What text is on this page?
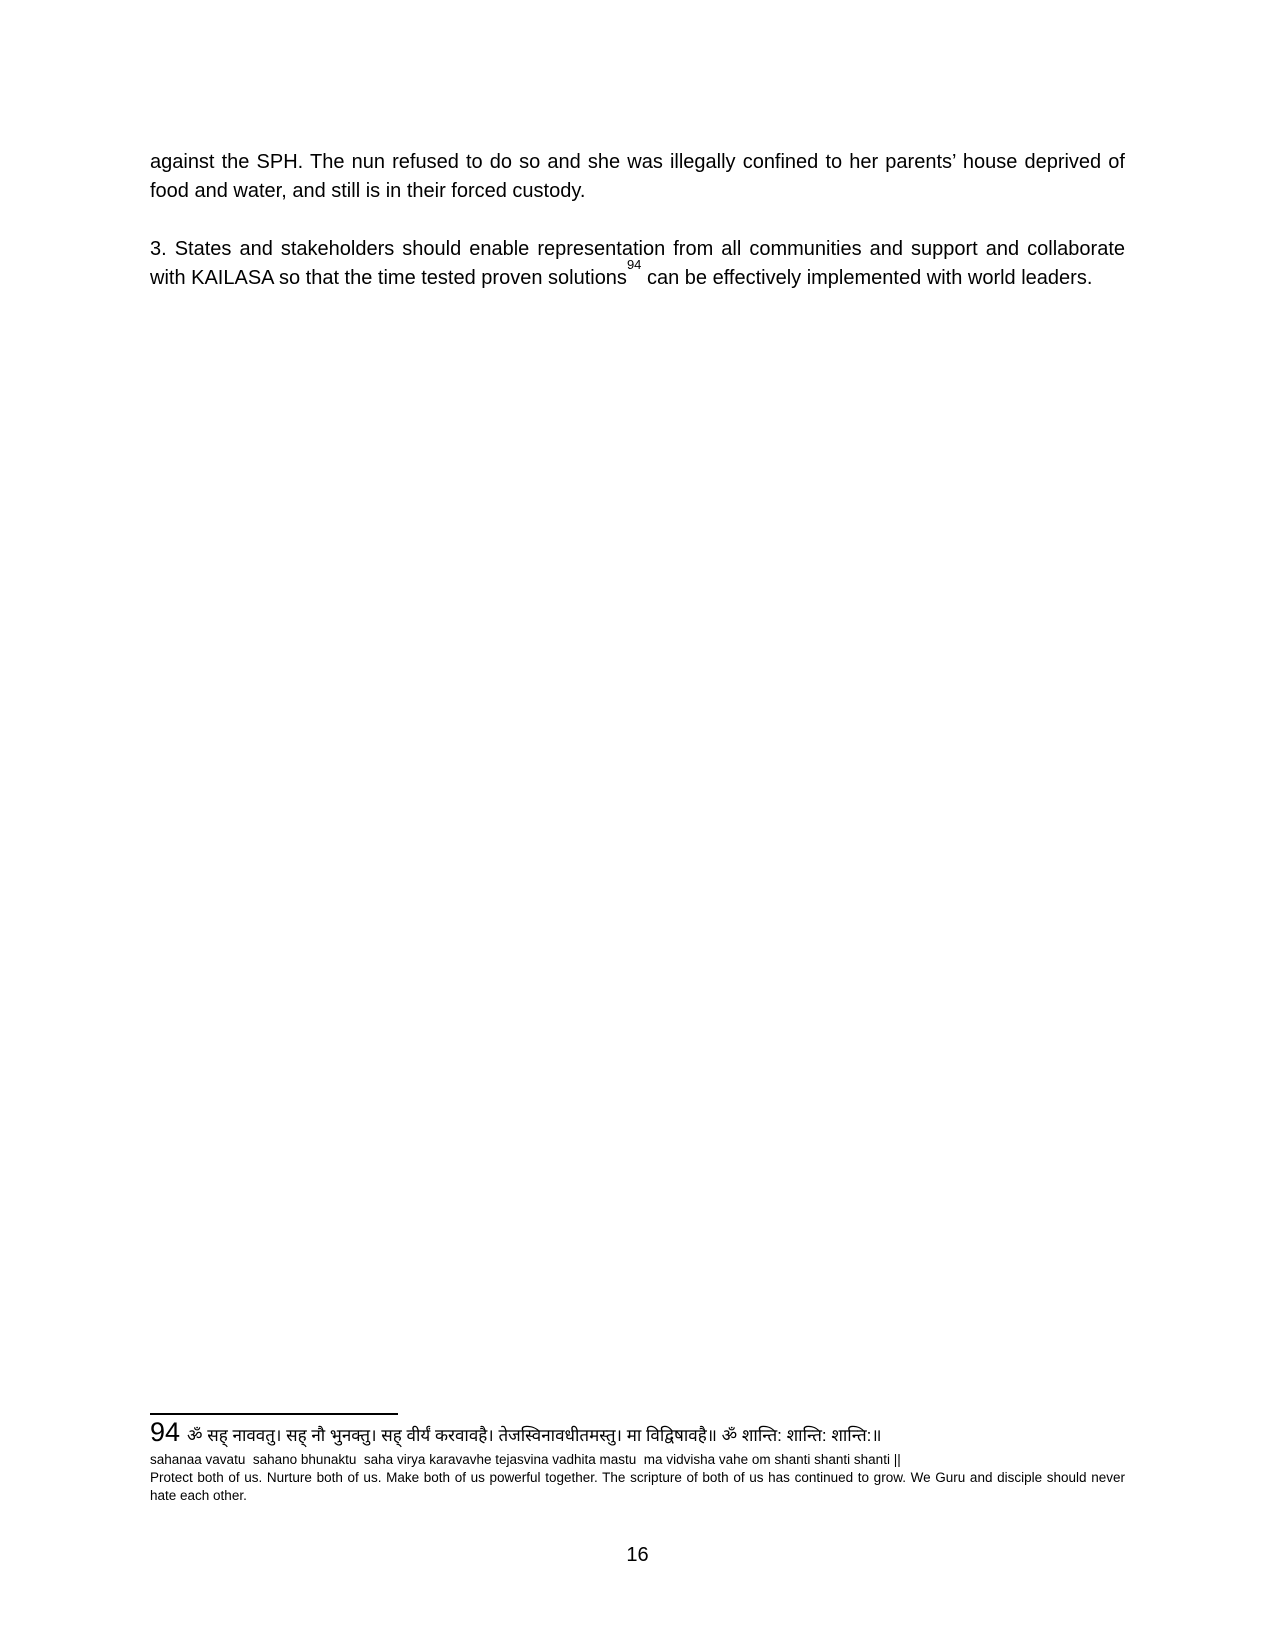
against the SPH. The nun refused to do so and she was illegally confined to her parents’ house deprived of food and water, and still is in their forced custody.

3. States and stakeholders should enable representation from all communities and support and collaborate with KAILASA so that the time tested proven solutions$^{94}$ can be effectively implemented with world leaders.

94 ॐ सह् नाववतु। सह् नौ भुनक्तु। सह् वीर्यं करवावहै। तेजस्विनावधीतमस्तु। मा विद्विषावहै॥ ॐ शान्ति: शान्ति: शान्ति:॥
sahanaa vavatu  sahano bhunaktu  saha virya karavavhe tejasvina vadhita mastu  ma vidvisha vahe om shanti shanti shanti ||
Protect both of us. Nurture both of us. Make both of us powerful together. The scripture of both of us has continued to grow. We Guru and disciple should never hate each other.
16
